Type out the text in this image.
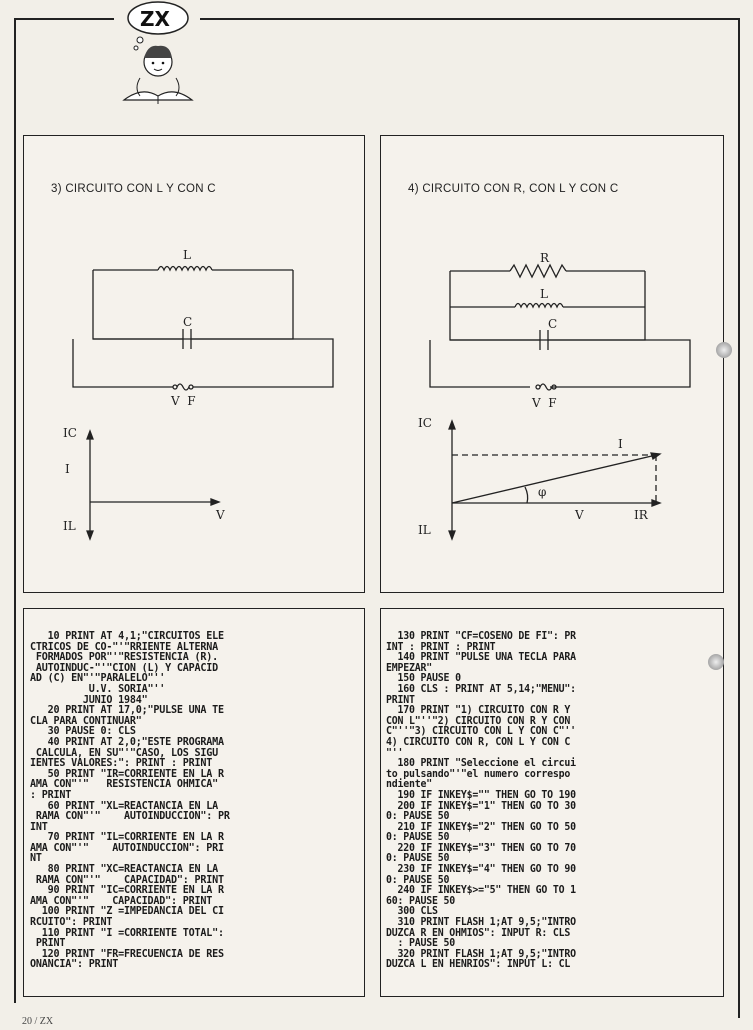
ZX
3) CIRCUITO CON L Y CON C
L
C
V  F
IC
I
IL
V
4) CIRCUITO CON R, CON L Y CON C
R
L
C
V  F
IC
I
φ
V	IR
IL
10 PRINT AT 4,1;"CIRCUITOS ELE
CTRICOS DE CO-"'"RRIENTE ALTERNA
FORMADOS POR"'"RESISTENCIA (R).
AUTOINDUC-"'"CION (L) Y CAPACID
AD (C) EN"'"PARALELO"''
U.V. SORIA"''
JUNIO 1984"
20 PRINT AT 17,0;"PULSE UNA TE
CLA PARA CONTINUAR"
30 PAUSE 0: CLS
40 PRINT AT 2,0;"ESTE PROGRAMA
CALCULA, EN SU"'"CASO, LOS SIGU
IENTES VALORES:": PRINT : PRINT
50 PRINT "IR=CORRIENTE EN LA R
AMA CON"'"   RESISTENCIA OHMICA"
: PRINT
60 PRINT "XL=REACTANCIA EN LA
RAMA CON"'"    AUTOINDUCCION": PR
INT
70 PRINT "IL=CORRIENTE EN LA R
AMA CON"'"    AUTOINDUCCION": PRI
NT
80 PRINT "XC=REACTANCIA EN LA
RAMA CON"'"    CAPACIDAD": PRINT
90 PRINT "IC=CORRIENTE EN LA R
AMA CON"'"    CAPACIDAD": PRINT
100 PRINT "Z =IMPEDANCIA DEL CI
RCUITO": PRINT
110 PRINT "I =CORRIENTE TOTAL":
PRINT
120 PRINT "FR=FRECUENCIA DE RES
ONANCIA": PRINT
130 PRINT "CF=COSENO DE FI": PR
INT : PRINT : PRINT
140 PRINT "PULSE UNA TECLA PARA
EMPEZAR"
150 PAUSE 0
160 CLS : PRINT AT 5,14;"MENU":
PRINT
170 PRINT "1) CIRCUITO CON R Y
CON L"''"2) CIRCUITO CON R Y CON
C"''"3) CIRCUITO CON L Y CON C"''
4) CIRCUITO CON R, CON L Y CON C
"''
180 PRINT "Seleccione el circui
to pulsando"'"el numero correspo
ndiente"
190 IF INKEY$="" THEN GO TO 190
200 IF INKEY$="1" THEN GO TO 30
0: PAUSE 50
210 IF INKEY$="2" THEN GO TO 50
0: PAUSE 50
220 IF INKEY$="3" THEN GO TO 70
0: PAUSE 50
230 IF INKEY$="4" THEN GO TO 90
0: PAUSE 50
240 IF INKEY$>="5" THEN GO TO 1
60: PAUSE 50
300 CLS
310 PRINT FLASH 1;AT 9,5;"INTRO
DUZCA R EN OHMIOS": INPUT R: CLS
: PAUSE 50
320 PRINT FLASH 1;AT 9,5;"INTRO
DUZCA L EN HENRIOS": INPUT L: CL
20 / ZX
